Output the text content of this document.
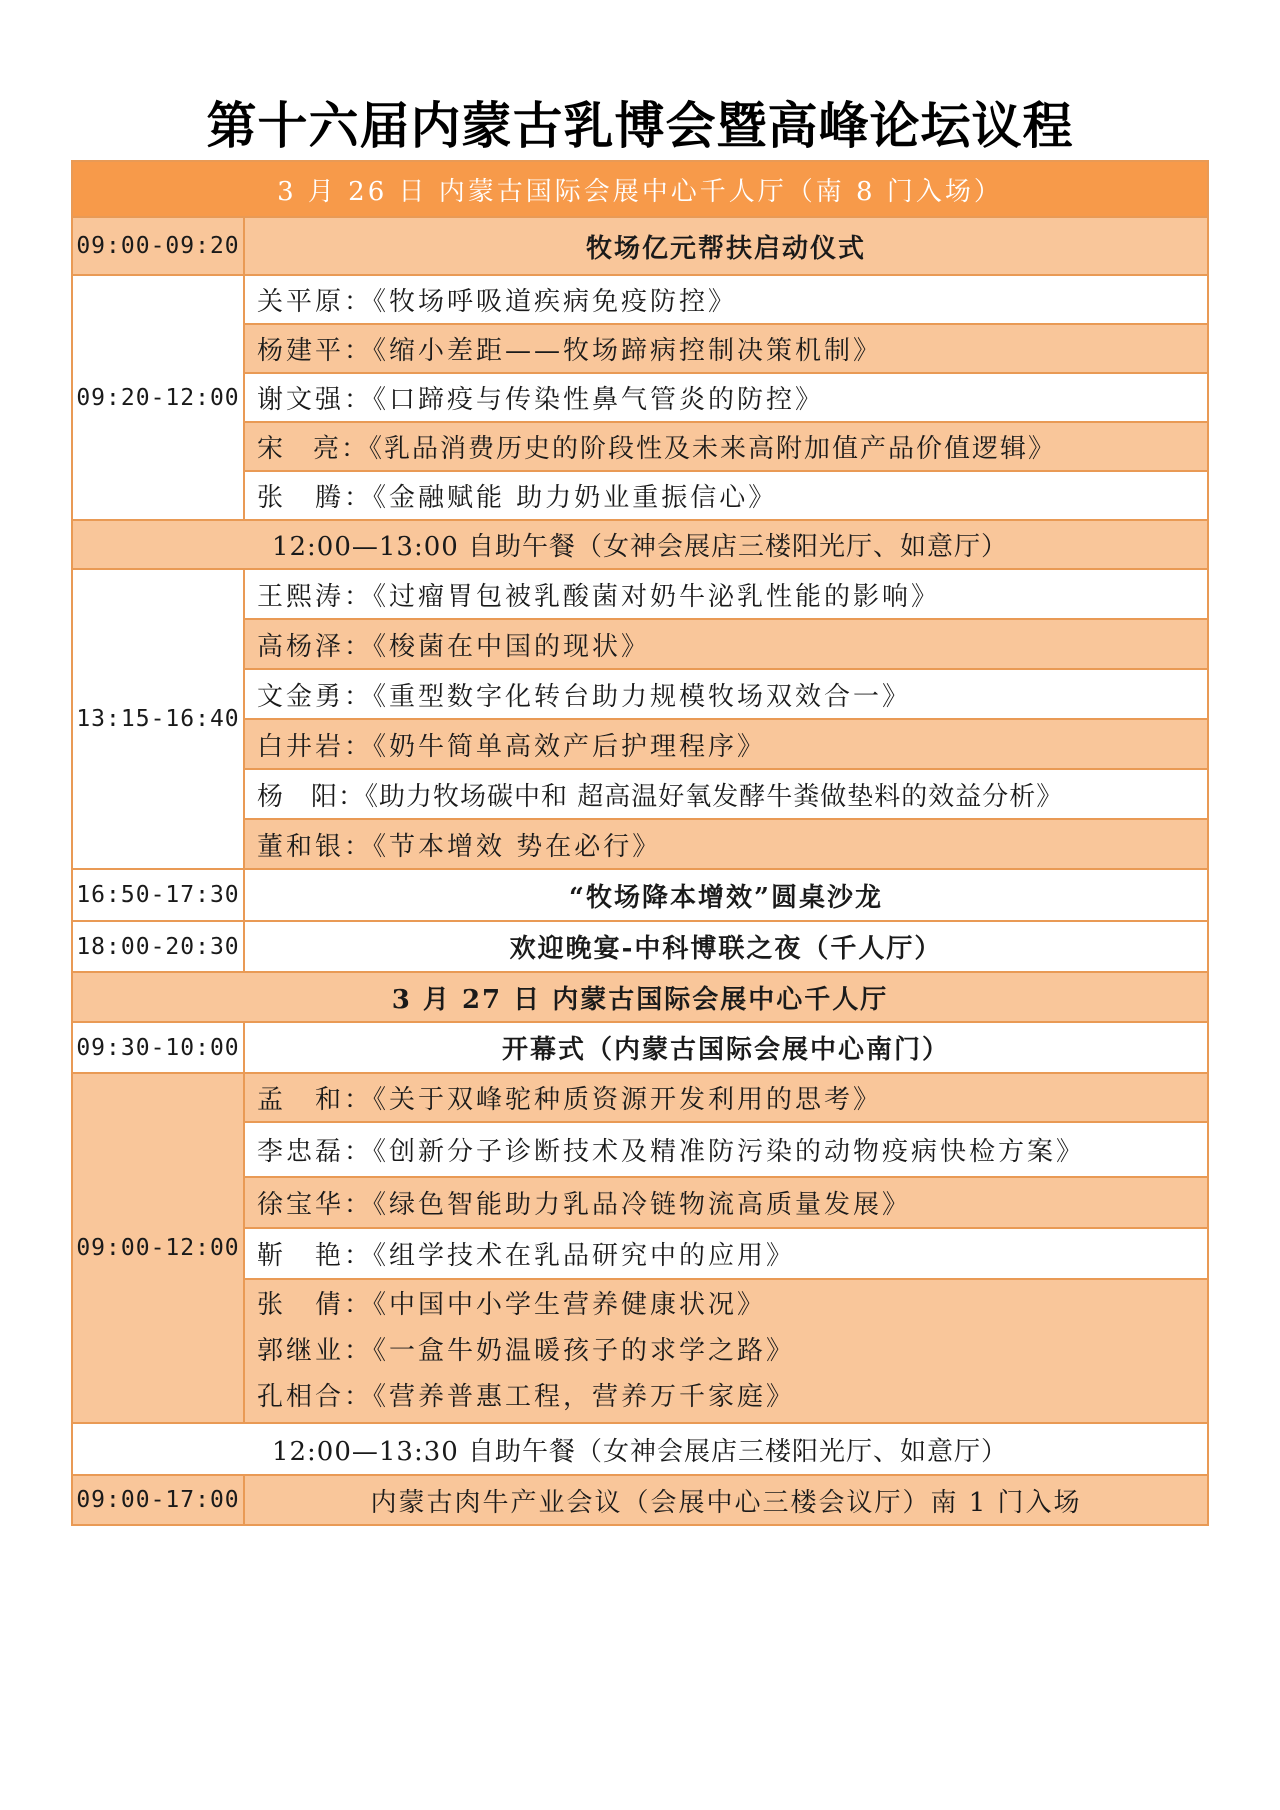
第十六届内蒙古乳博会暨高峰论坛议程
3 月 26 日 内蒙古国际会展中心千人厅（南 8 门入场）	
09:00-09:20	牧场亿元帮扶启动仪式
09:20-12:00	关平原：《牧场呼吸道疾病免疫防控》
	杨建平：《缩小差距——牧场蹄病控制决策机制》
	谢文强：《口蹄疫与传染性鼻气管炎的防控》
	宋　亮：《乳品消费历史的阶段性及未来高附加值产品价值逻辑》
	张　腾：《金融赋能 助力奶业重振信心》
12:00—13:00 自助午餐（女神会展店三楼阳光厅、如意厅）	
13:15-16:40	王熙涛：《过瘤胃包被乳酸菌对奶牛泌乳性能的影响》
	高杨泽：《梭菌在中国的现状》
	文金勇：《重型数字化转台助力规模牧场双效合一》
	白井岩：《奶牛简单高效产后护理程序》
	杨　阳：《助力牧场碳中和 超高温好氧发酵牛粪做垫料的效益分析》
	董和银：《节本增效 势在必行》
16:50-17:30	“牧场降本增效”圆桌沙龙
18:00-20:30	欢迎晚宴-中科博联之夜（千人厅）
3 月 27 日 内蒙古国际会展中心千人厅	
09:30-10:00	开幕式（内蒙古国际会展中心南门）
09:00-12:00	孟　和：《关于双峰驼种质资源开发利用的思考》
	李忠磊：《创新分子诊断技术及精准防污染的动物疫病快检方案》
	徐宝华：《绿色智能助力乳品冷链物流高质量发展》
	靳　艳：《组学技术在乳品研究中的应用》

	张　倩：《中国中小学生营养健康状况》
郭继业：《一盒牛奶温暖孩子的求学之路》
孔相合：《营养普惠工程，营养万千家庭》

12:00—13:30 自助午餐（女神会展店三楼阳光厅、如意厅）	
09:00-17:00	内蒙古肉牛产业会议（会展中心三楼会议厅）南 1 门入场
